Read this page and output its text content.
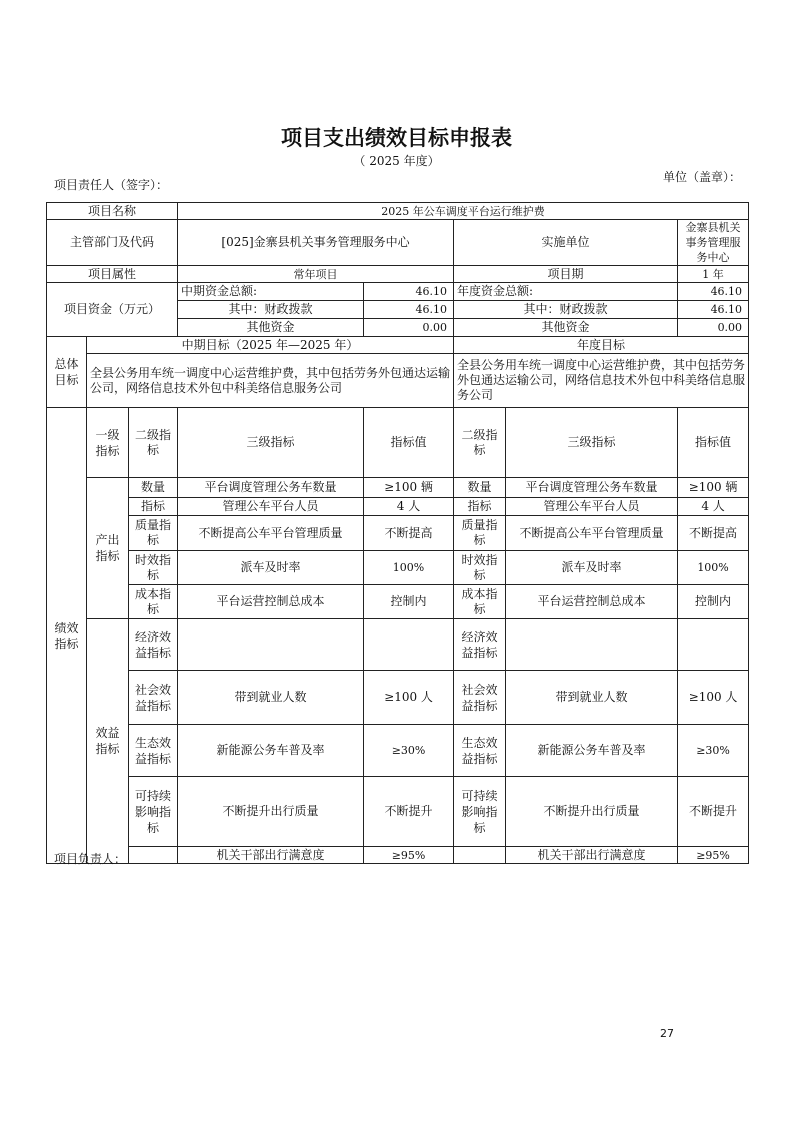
项目支出绩效目标申报表
（ 2025 年度）
项目责任人（签字）：
单位（盖章）：
项目名称			2025 年公车调度平台运行维护费				
主管部门及代码			[025]金寨县机关事务管理服务中心		实施单位		金寨县机关事务管理服务中心
项目属性			常年项目		项目期		1 年
项目资金（万元）			中期资金总额:	46.10	年度资金总额:		46.10
			其中：财政拨款	46.10	其中：财政拨款		46.10
			其他资金	0.00	其他资金		0.00
总体目标	中期目标（2025 年—2025 年）				年度目标		
	全县公务用车统一调度中心运营维护费，其中包括劳务外包通达运输公司，网络信息技术外包中科美络信息服务公司				全县公务用车统一调度中心运营维护费，其中包括劳务外包通达运输公司，网络信息技术外包中科美络信息服务公司		
绩效指标	一级指标	二级指标	三级指标	指标值	二级指标	三级指标	指标值
	产出指标	数量	平台调度管理公务车数量	≥100 辆	数量	平台调度管理公务车数量	≥100 辆
		指标	管理公车平台人员	4 人	指标	管理公车平台人员	4 人
		质量指标	不断提高公车平台管理质量	不断提高	质量指标	不断提高公车平台管理质量	不断提高
		时效指标	派车及时率	100%	时效指标	派车及时率	100%
		成本指标	平台运营控制总成本	控制内	成本指标	平台运营控制总成本	控制内
	效益指标	经济效益指标			经济效益指标		
		社会效益指标	带到就业人数	≥100 人	社会效益指标	带到就业人数	≥100 人
		生态效益指标	新能源公务车普及率	≥30%	生态效益指标	新能源公务车普及率	≥30%
		可持续影响指标	不断提升出行质量	不断提升	可持续影响指标	不断提升出行质量	不断提升
			机关干部出行满意度	≥95%		机关干部出行满意度	≥95%
项目负责人：
27
